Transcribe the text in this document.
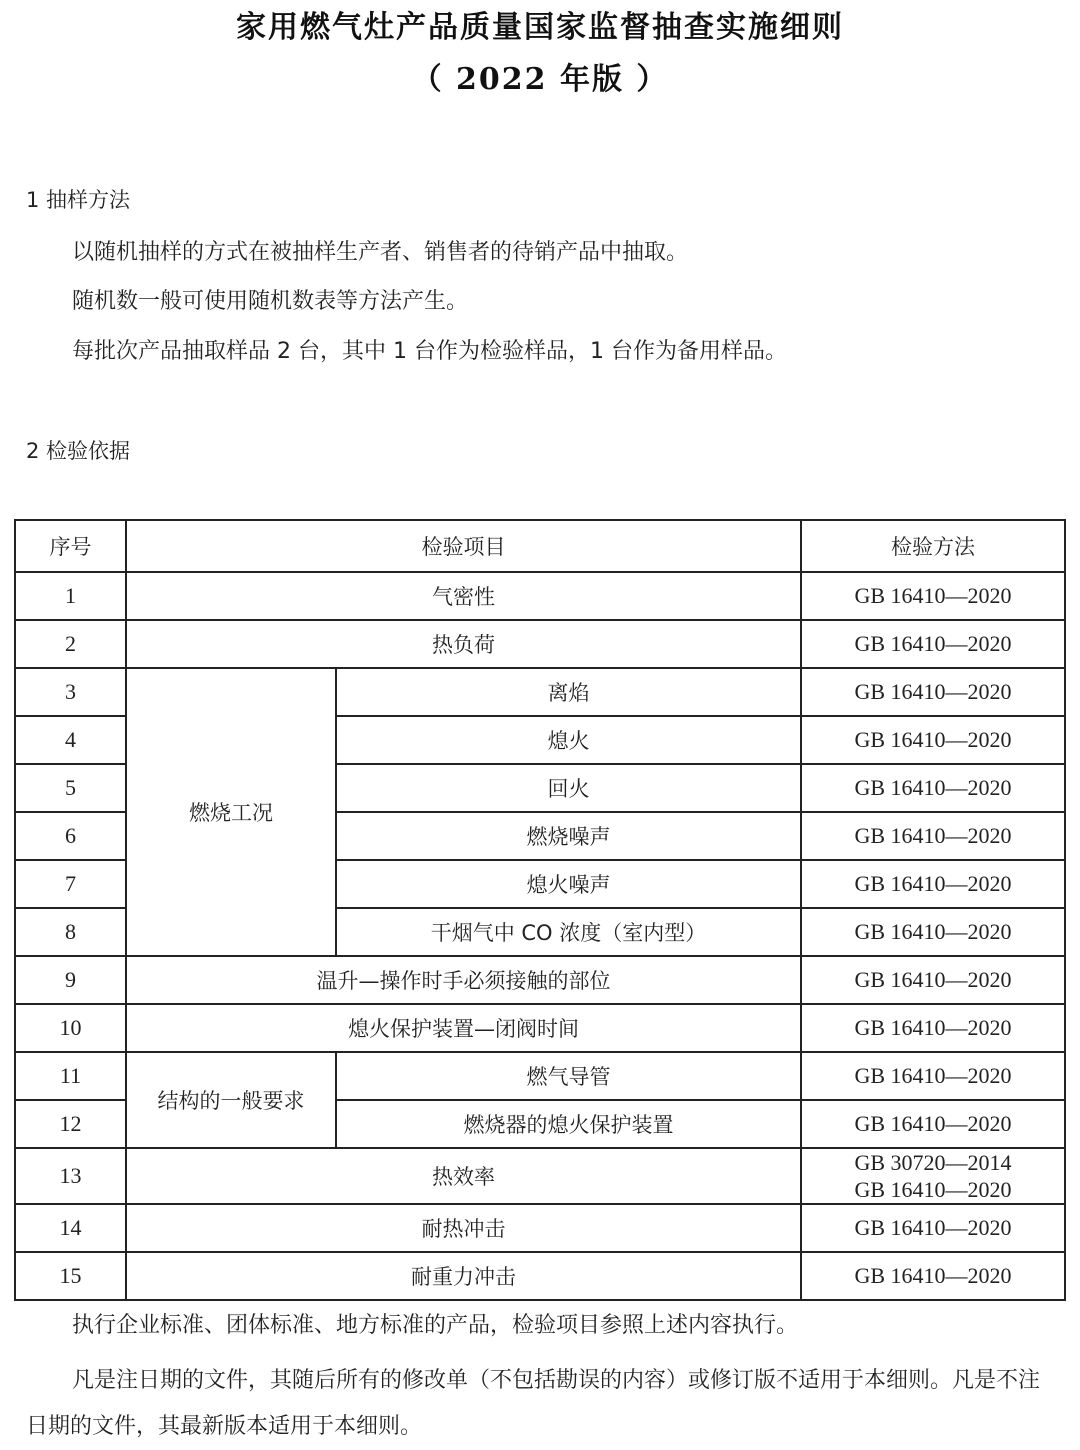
家用燃气灶产品质量国家监督抽查实施细则
（ 2022 年版 ）
1 抽样方法
以随机抽样的方式在被抽样生产者、销售者的待销产品中抽取。
随机数一般可使用随机数表等方法产生。
每批次产品抽取样品 2 台，其中 1 台作为检验样品，1 台作为备用样品。
2 检验依据
序号	检验项目		检验方法
1	气密性		GB 16410—2020
2	热负荷		GB 16410—2020
3	燃烧工况	离焰	GB 16410—2020
4		熄火	GB 16410—2020
5		回火	GB 16410—2020
6		燃烧噪声	GB 16410—2020
7		熄火噪声	GB 16410—2020
8		干烟气中 CO 浓度（室内型）	GB 16410—2020
9	温升—操作时手必须接触的部位		GB 16410—2020
10	熄火保护装置—闭阀时间		GB 16410—2020
11	结构的一般要求	燃气导管	GB 16410—2020
12		燃烧器的熄火保护装置	GB 16410—2020
13	热效率		GB 30720—2014
GB 16410—2020

14	耐热冲击		GB 16410—2020
15	耐重力冲击		GB 16410—2020
执行企业标准、团体标准、地方标准的产品，检验项目参照上述内容执行。
凡是注日期的文件，其随后所有的修改单（不包括勘误的内容）或修订版不适用于本细则。凡是不注日期的文件，其最新版本适用于本细则。
